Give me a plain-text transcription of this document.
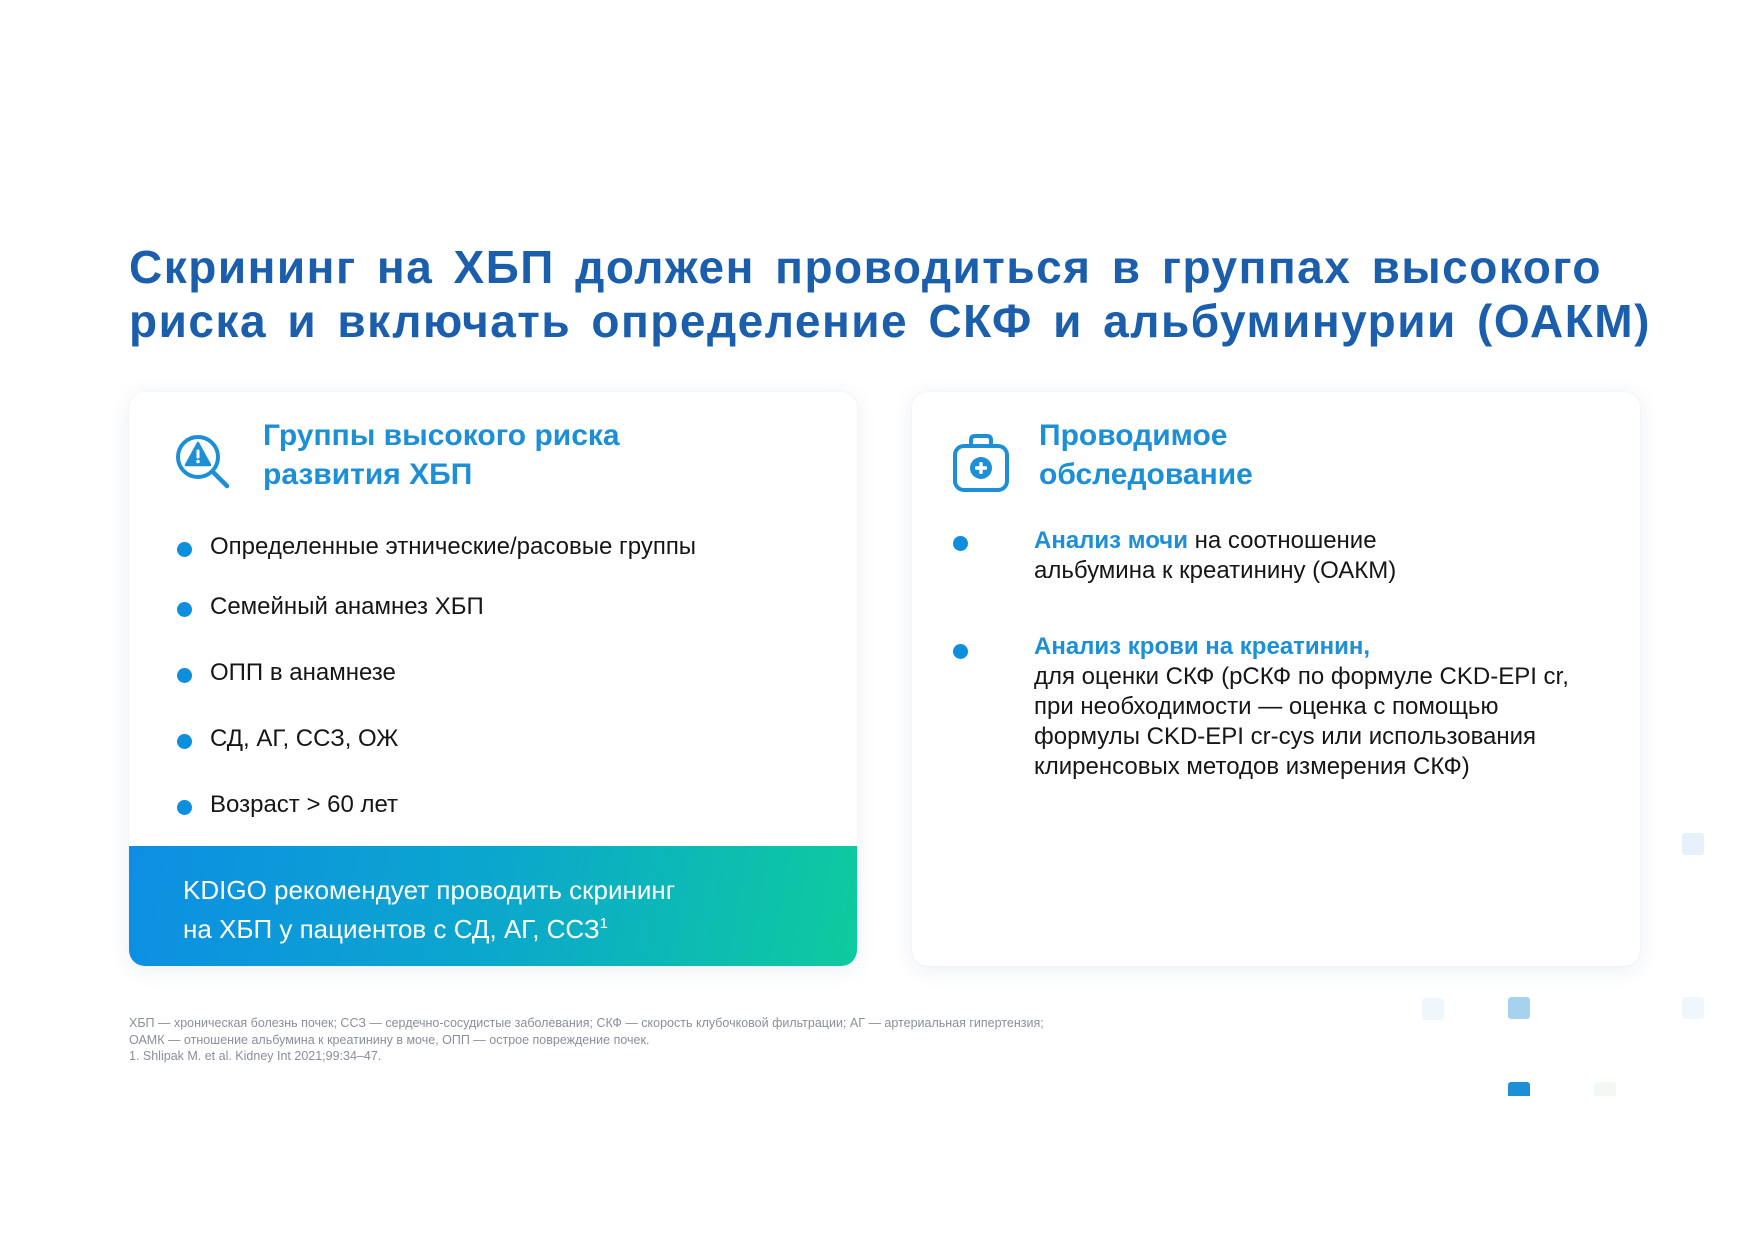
Скрининг на ХБП должен проводиться в группах высокого
риска и включать определение СКФ и альбуминурии (ОАКМ)
Группы высокого риска
развития ХБП
Определенные этнические/расовые группы
Семейный анамнез ХБП
ОПП в анамнезе
СД, АГ, ССЗ, ОЖ
Возраст > 60 лет
KDIGO рекомендует проводить скрининг
на ХБП у пациентов с СД, АГ, ССЗ$^1$
Проводимое
обследование
Анализ мочи на соотношение
альбумина к креатинину (ОАКМ)
Анализ крови на креатинин,
для оценки СКФ (рСКФ по формуле CKD-EPI cr,
при необходимости — оценка с помощью
формулы CKD-EPI cr-cys или использования
клиренсовых методов измерения СКФ)
ХБП — хроническая болезнь почек; ССЗ — сердечно-сосудистые заболевания; СКФ — скорость клубочковой фильтрации; АГ — артериальная гипертензия;
ОАМК — отношение альбумина к креатинину в моче, ОПП — острое повреждение почек.
1. Shlipak M. et al. Kidney Int 2021;99:34–47.
